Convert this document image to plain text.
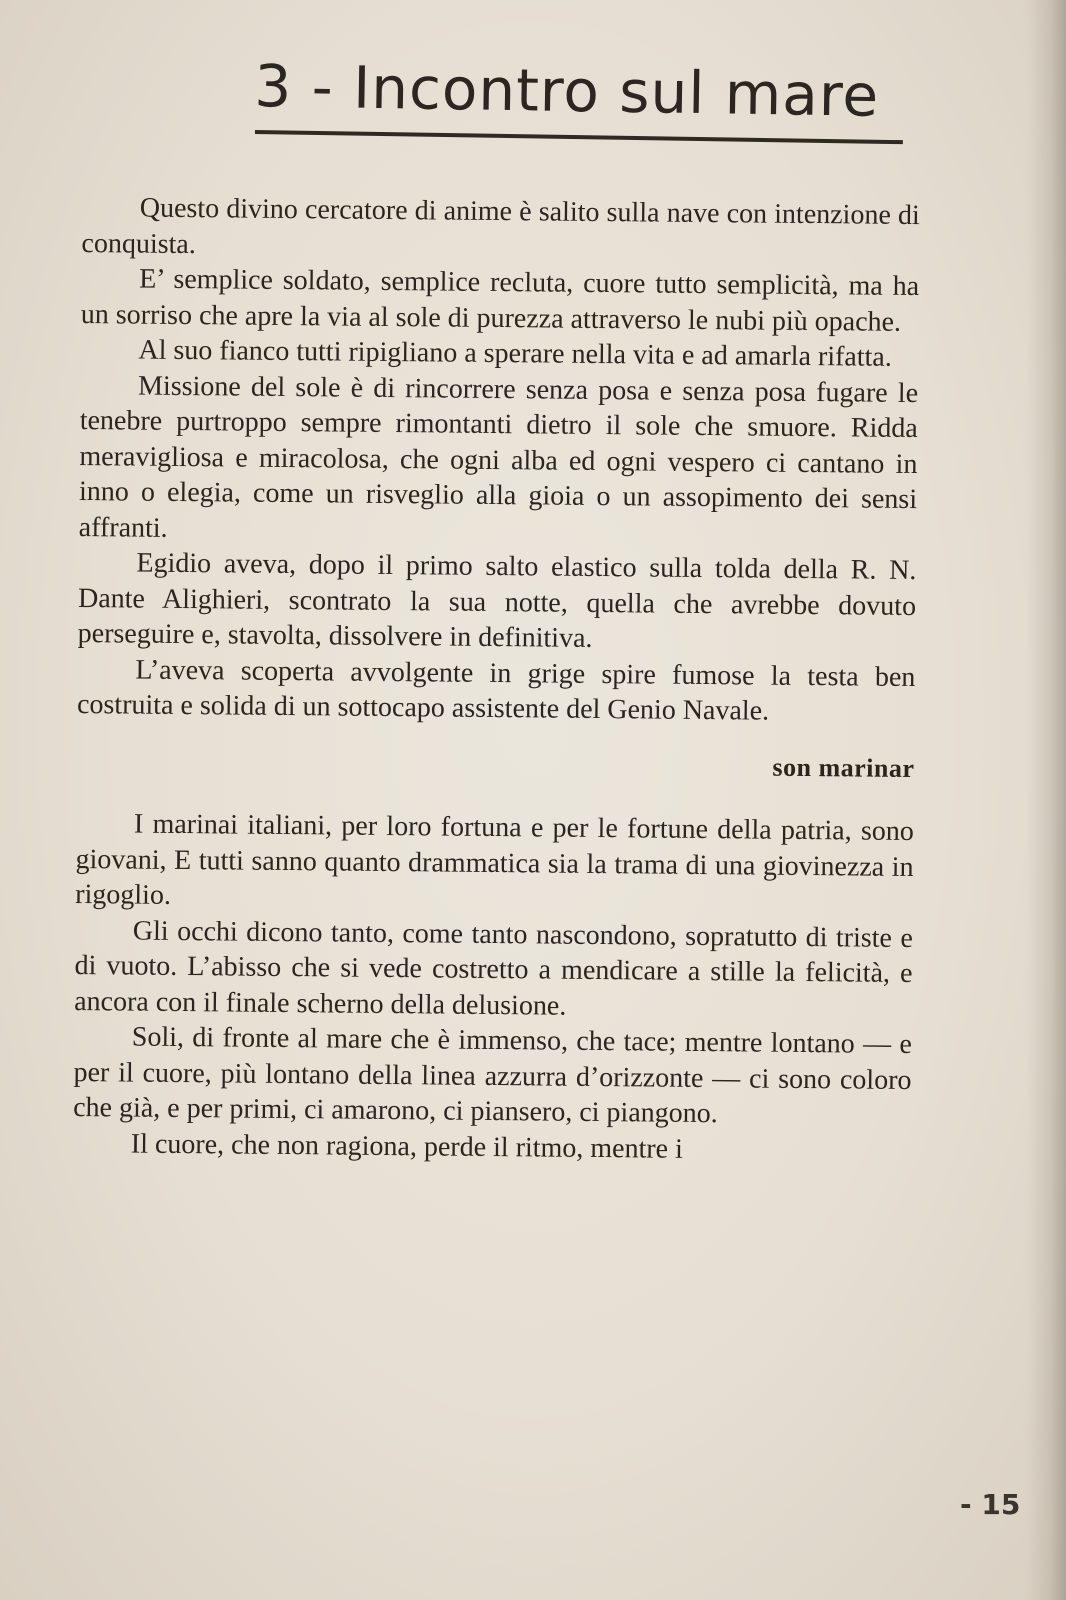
3 - Incontro sul mare

Questo divino cercatore di anime è salito sulla nave con intenzione di conquista.

E’ semplice soldato, semplice recluta, cuore tutto semplicità, ma ha un sorriso che apre la via al sole di purezza attraverso le nubi più opache.

Al suo fianco tutti ripigliano a sperare nella vita e ad amarla rifatta.

Missione del sole è di rincorrere senza posa e senza posa fugare le tenebre purtroppo sempre rimontanti dietro il sole che smuore. Ridda meravigliosa e miracolosa, che ogni alba ed ogni vespero ci cantano in inno o elegia, come un risveglio alla gioia o un assopimento dei sensi affranti.

Egidio aveva, dopo il primo salto elastico sulla tolda della R. N. Dante Alighieri, scontrato la sua notte, quella che avrebbe dovuto perseguire e, stavolta, dissolvere in definitiva.

L’aveva scoperta avvolgente in grige spire fumose la testa ben costruita e solida di un sottocapo assistente del Genio Navale.

son marinar

I marinai italiani, per loro fortuna e per le fortune della patria, sono giovani, E tutti sanno quanto drammatica sia la trama di una giovinezza in rigoglio.

Gli occhi dicono tanto, come tanto nascondono, sopratutto di triste e di vuoto. L’abisso che si vede costretto a mendicare a stille la felicità, e ancora con il finale scherno della delusione.

Soli, di fronte al mare che è immenso, che tace; mentre lontano — e per il cuore, più lontano della linea azzurra d’orizzonte — ci sono coloro che già, e per primi, ci amarono, ci piansero, ci piangono.

Il cuore, che non ragiona, perde il ritmo, mentre i

- 15
